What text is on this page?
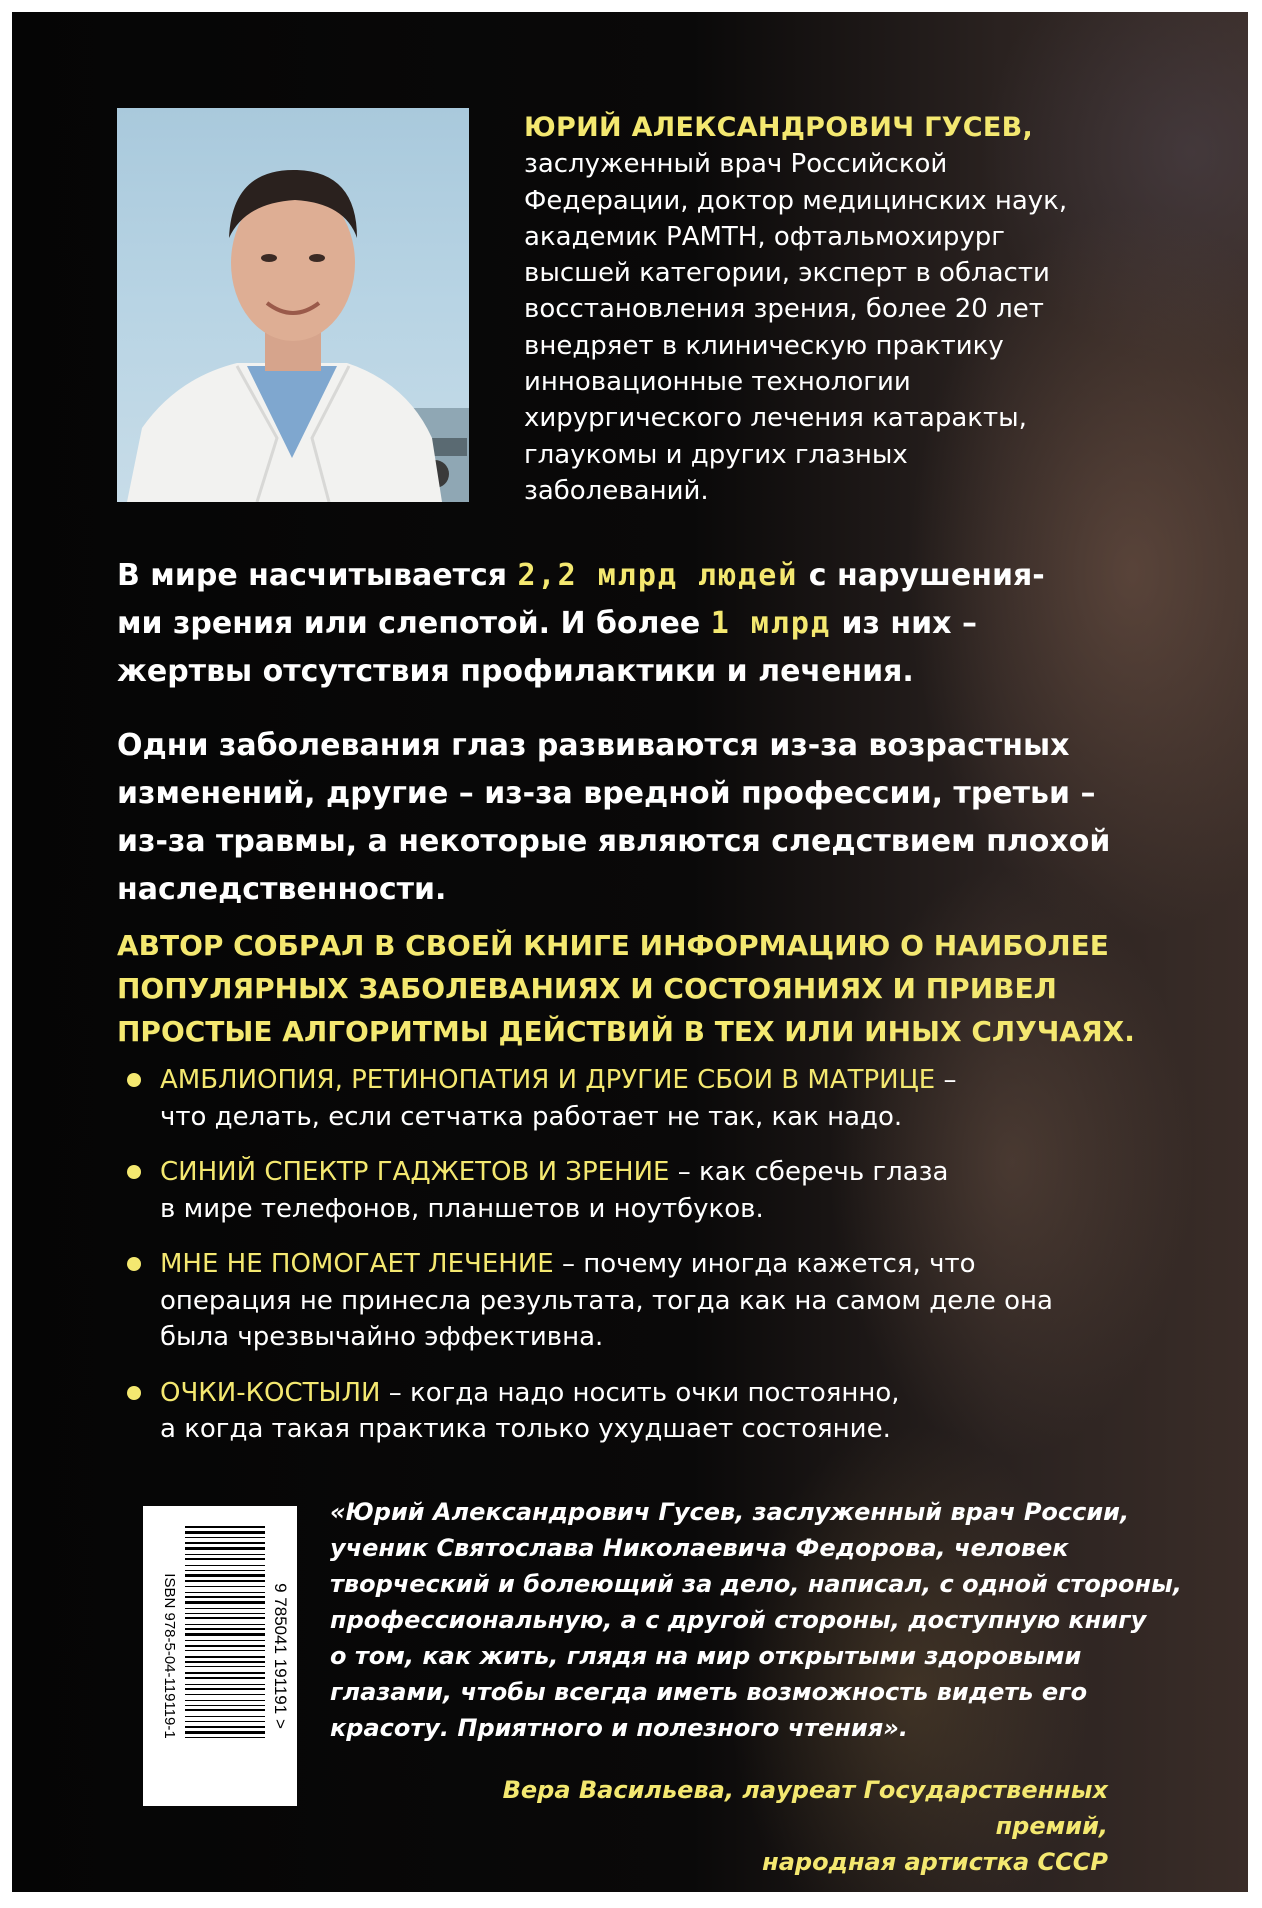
ЮРИЙ АЛЕКСАНДРОВИЧ ГУСЕВ,
заслуженный врач Российской
Федерации, доктор медицинских наук,
академик РАМТН, офтальмохирург
высшей категории, эксперт в области
восстановления зрения, более 20 лет
внедряет в клиническую практику
инновационные технологии
хирургического лечения катаракты,
глаукомы и других глазных
заболеваний.
В мире насчитывается 2,2 млрд людей с нарушения-
ми зрения или слепотой. И более 1 млрд из них –
жертвы отсутствия профилактики и лечения.
Одни заболевания глаз развиваются из-за возрастных
изменений, другие – из-за вредной профессии, третьи –
из-за травмы, а некоторые являются следствием плохой
наследственности.
АВТОР СОБРАЛ В СВОЕЙ КНИГЕ ИНФОРМАЦИЮ О НАИБОЛЕЕ
ПОПУЛЯРНЫХ ЗАБОЛЕВАНИЯХ И СОСТОЯНИЯХ И ПРИВЕЛ
ПРОСТЫЕ АЛГОРИТМЫ ДЕЙСТВИЙ В ТЕХ ИЛИ ИНЫХ СЛУЧАЯХ.
АМБЛИОПИЯ, РЕТИНОПАТИЯ И ДРУГИЕ СБОИ В МАТРИЦЕ –
что делать, если сетчатка работает не так, как надо.
СИНИЙ СПЕКТР ГАДЖЕТОВ И ЗРЕНИЕ – как сберечь глаза
в мире телефонов, планшетов и ноутбуков.
МНЕ НЕ ПОМОГАЕТ ЛЕЧЕНИЕ – почему иногда кажется, что
операция не принесла результата, тогда как на самом деле она
была чрезвычайно эффективна.
ОЧКИ-КОСТЫЛИ – когда надо носить очки постоянно,
а когда такая практика только ухудшает состояние.
ISBN 978-5-04-119119-1	9 785041 191191 >
«Юрий Александрович Гусев, заслуженный врач России,
ученик Святослава Николаевича Федорова, человек
творческий и болеющий за дело, написал, с одной стороны,
профессиональную, а с другой стороны, доступную книгу
о том, как жить, глядя на мир открытыми здоровыми
глазами, чтобы всегда иметь возможность видеть его
красоту. Приятного и полезного чтения».
Вера Васильева, лауреат Государственных премий,
народная артистка СССР
